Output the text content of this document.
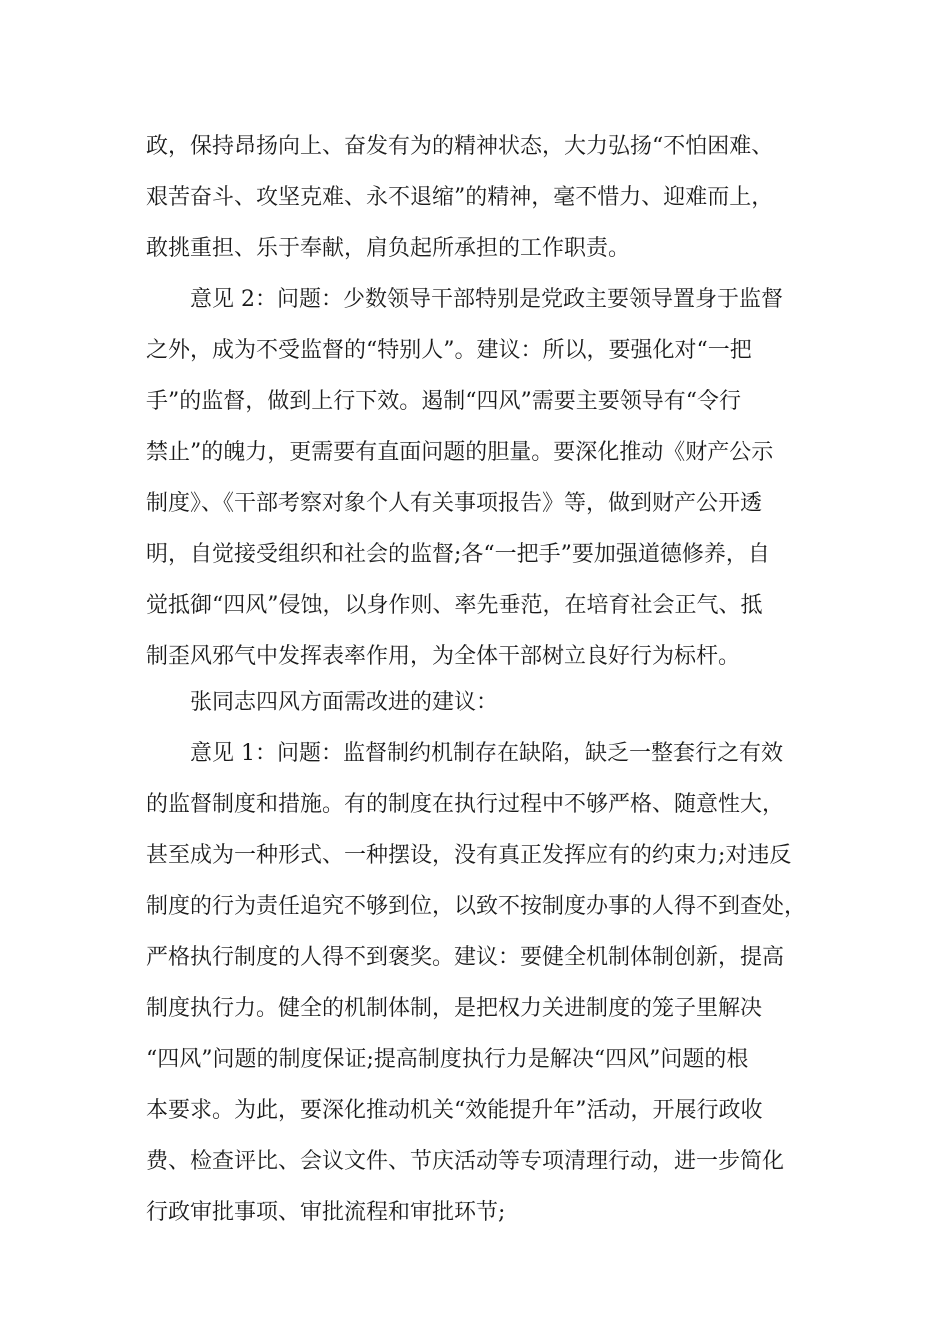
政，保持昂扬向上、奋发有为的精神状态，大力弘扬“不怕困难、
艰苦奋斗、攻坚克难、永不退缩”的精神，毫不惜力、迎难而上，
敢挑重担、乐于奉献，肩负起所承担的工作职责。
意见 2：问题：少数领导干部特别是党政主要领导置身于监督
之外，成为不受监督的“特别人”。建议：所以，要强化对“一把
手”的监督，做到上行下效。遏制“四风”需要主要领导有“令行
禁止”的魄力，更需要有直面问题的胆量。要深化推动《财产公示
制度》、《干部考察对象个人有关事项报告》等，做到财产公开透
明，自觉接受组织和社会的监督;各“一把手”要加强道德修养，自
觉抵御“四风”侵蚀，以身作则、率先垂范，在培育社会正气、抵
制歪风邪气中发挥表率作用，为全体干部树立良好行为标杆。
张同志四风方面需改进的建议：
意见 1：问题：监督制约机制存在缺陷，缺乏一整套行之有效
的监督制度和措施。有的制度在执行过程中不够严格、随意性大，
甚至成为一种形式、一种摆设，没有真正发挥应有的约束力;对违反
制度的行为责任追究不够到位，以致不按制度办事的人得不到查处，
严格执行制度的人得不到褒奖。建议：要健全机制体制创新，提高
制度执行力。健全的机制体制，是把权力关进制度的笼子里解决
“四风”问题的制度保证;提高制度执行力是解决“四风”问题的根
本要求。为此，要深化推动机关“效能提升年”活动，开展行政收
费、检查评比、会议文件、节庆活动等专项清理行动，进一步简化
行政审批事项、审批流程和审批环节;
